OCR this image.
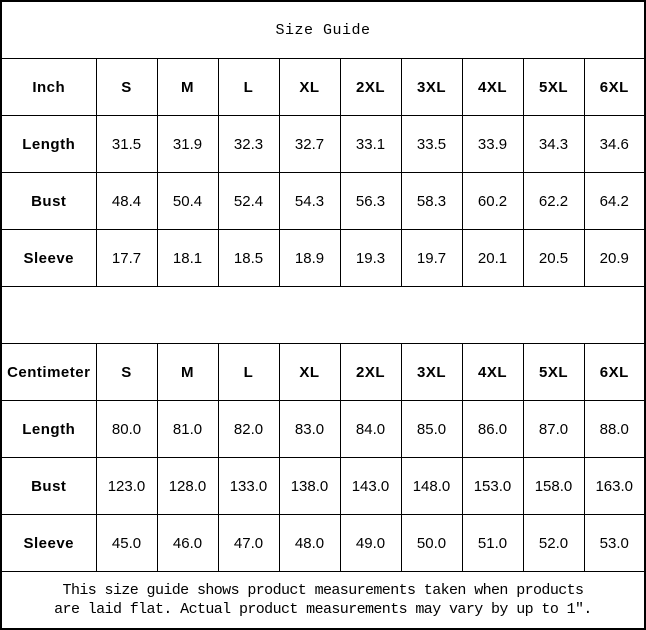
Size Guide									
Inch	S	M	L	XL	2XL	3XL	4XL	5XL	6XL
Length	31.5	31.9	32.3	32.7	33.1	33.5	33.9	34.3	34.6
Bust	48.4	50.4	52.4	54.3	56.3	58.3	60.2	62.2	64.2
Sleeve	17.7	18.1	18.5	18.9	19.3	19.7	20.1	20.5	20.9

Centimeter	S	M	L	XL	2XL	3XL	4XL	5XL	6XL
Length	80.0	81.0	82.0	83.0	84.0	85.0	86.0	87.0	88.0
Bust	123.0	128.0	133.0	138.0	143.0	148.0	153.0	158.0	163.0
Sleeve	45.0	46.0	47.0	48.0	49.0	50.0	51.0	52.0	53.0

This size guide shows product measurements taken when products
are laid flat. Actual product measurements may vary by up to 1″.									
